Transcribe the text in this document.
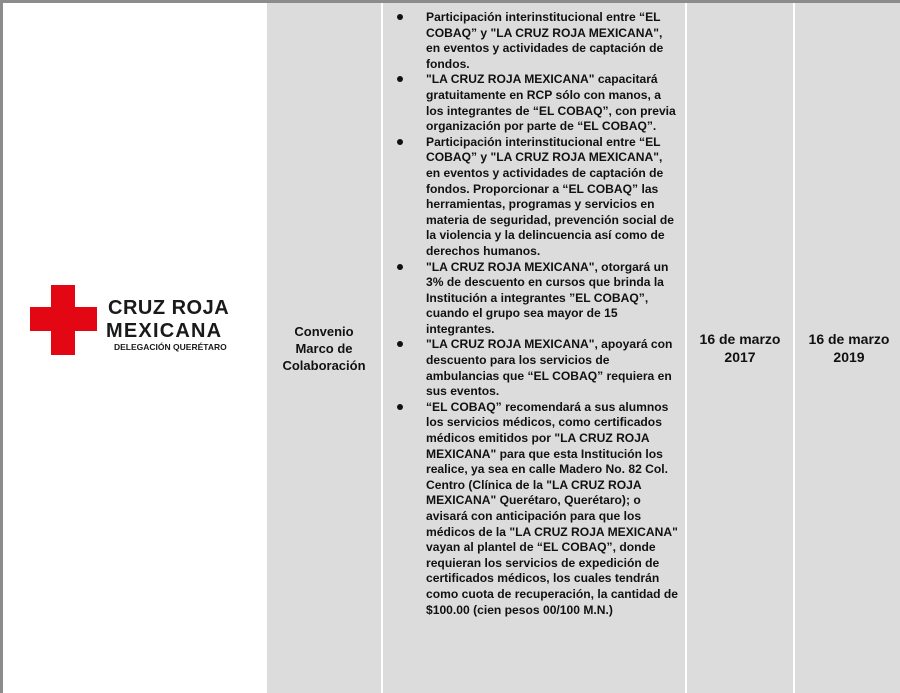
CRUZ ROJA
MEXICANA
DELEGACIÓN QUERÉTARO
Convenio Marco de Colaboración
Participación interinstitucional entre “EL COBAQ” y "LA CRUZ ROJA MEXICANA", en eventos y actividades de captación de fondos.
"LA CRUZ ROJA MEXICANA" capacitará gratuitamente en RCP sólo con manos, a los integrantes de “EL COBAQ”, con previa organización por parte de “EL COBAQ”.
Participación interinstitucional entre “EL COBAQ” y "LA CRUZ ROJA MEXICANA", en eventos y actividades de captación de fondos. Proporcionar a “EL COBAQ” las herramientas, programas y servicios en materia de seguridad, prevención social de la violencia y la delincuencia así como de derechos humanos.
"LA CRUZ ROJA MEXICANA", otorgará un 3% de descuento en cursos que brinda la Institución a integrantes ”EL COBAQ”, cuando el grupo sea mayor de 15 integrantes.
"LA CRUZ ROJA MEXICANA", apoyará con descuento para los servicios de ambulancias que “EL COBAQ” requiera en sus eventos.
“EL COBAQ” recomendará a sus alumnos los servicios médicos, como certificados médicos emitidos por "LA CRUZ ROJA MEXICANA" para que esta Institución los realice, ya sea en calle Madero No. 82 Col. Centro (Clínica de la "LA CRUZ ROJA MEXICANA" Querétaro, Querétaro); o avisará con anticipación para que los médicos de la "LA CRUZ ROJA MEXICANA" vayan al plantel de “EL COBAQ”, donde requieran los servicios de expedición de certificados médicos, los cuales tendrán como cuota de recuperación, la cantidad de $100.00 (cien pesos 00/100 M.N.)
16 de marzo 2017
16 de marzo 2019
